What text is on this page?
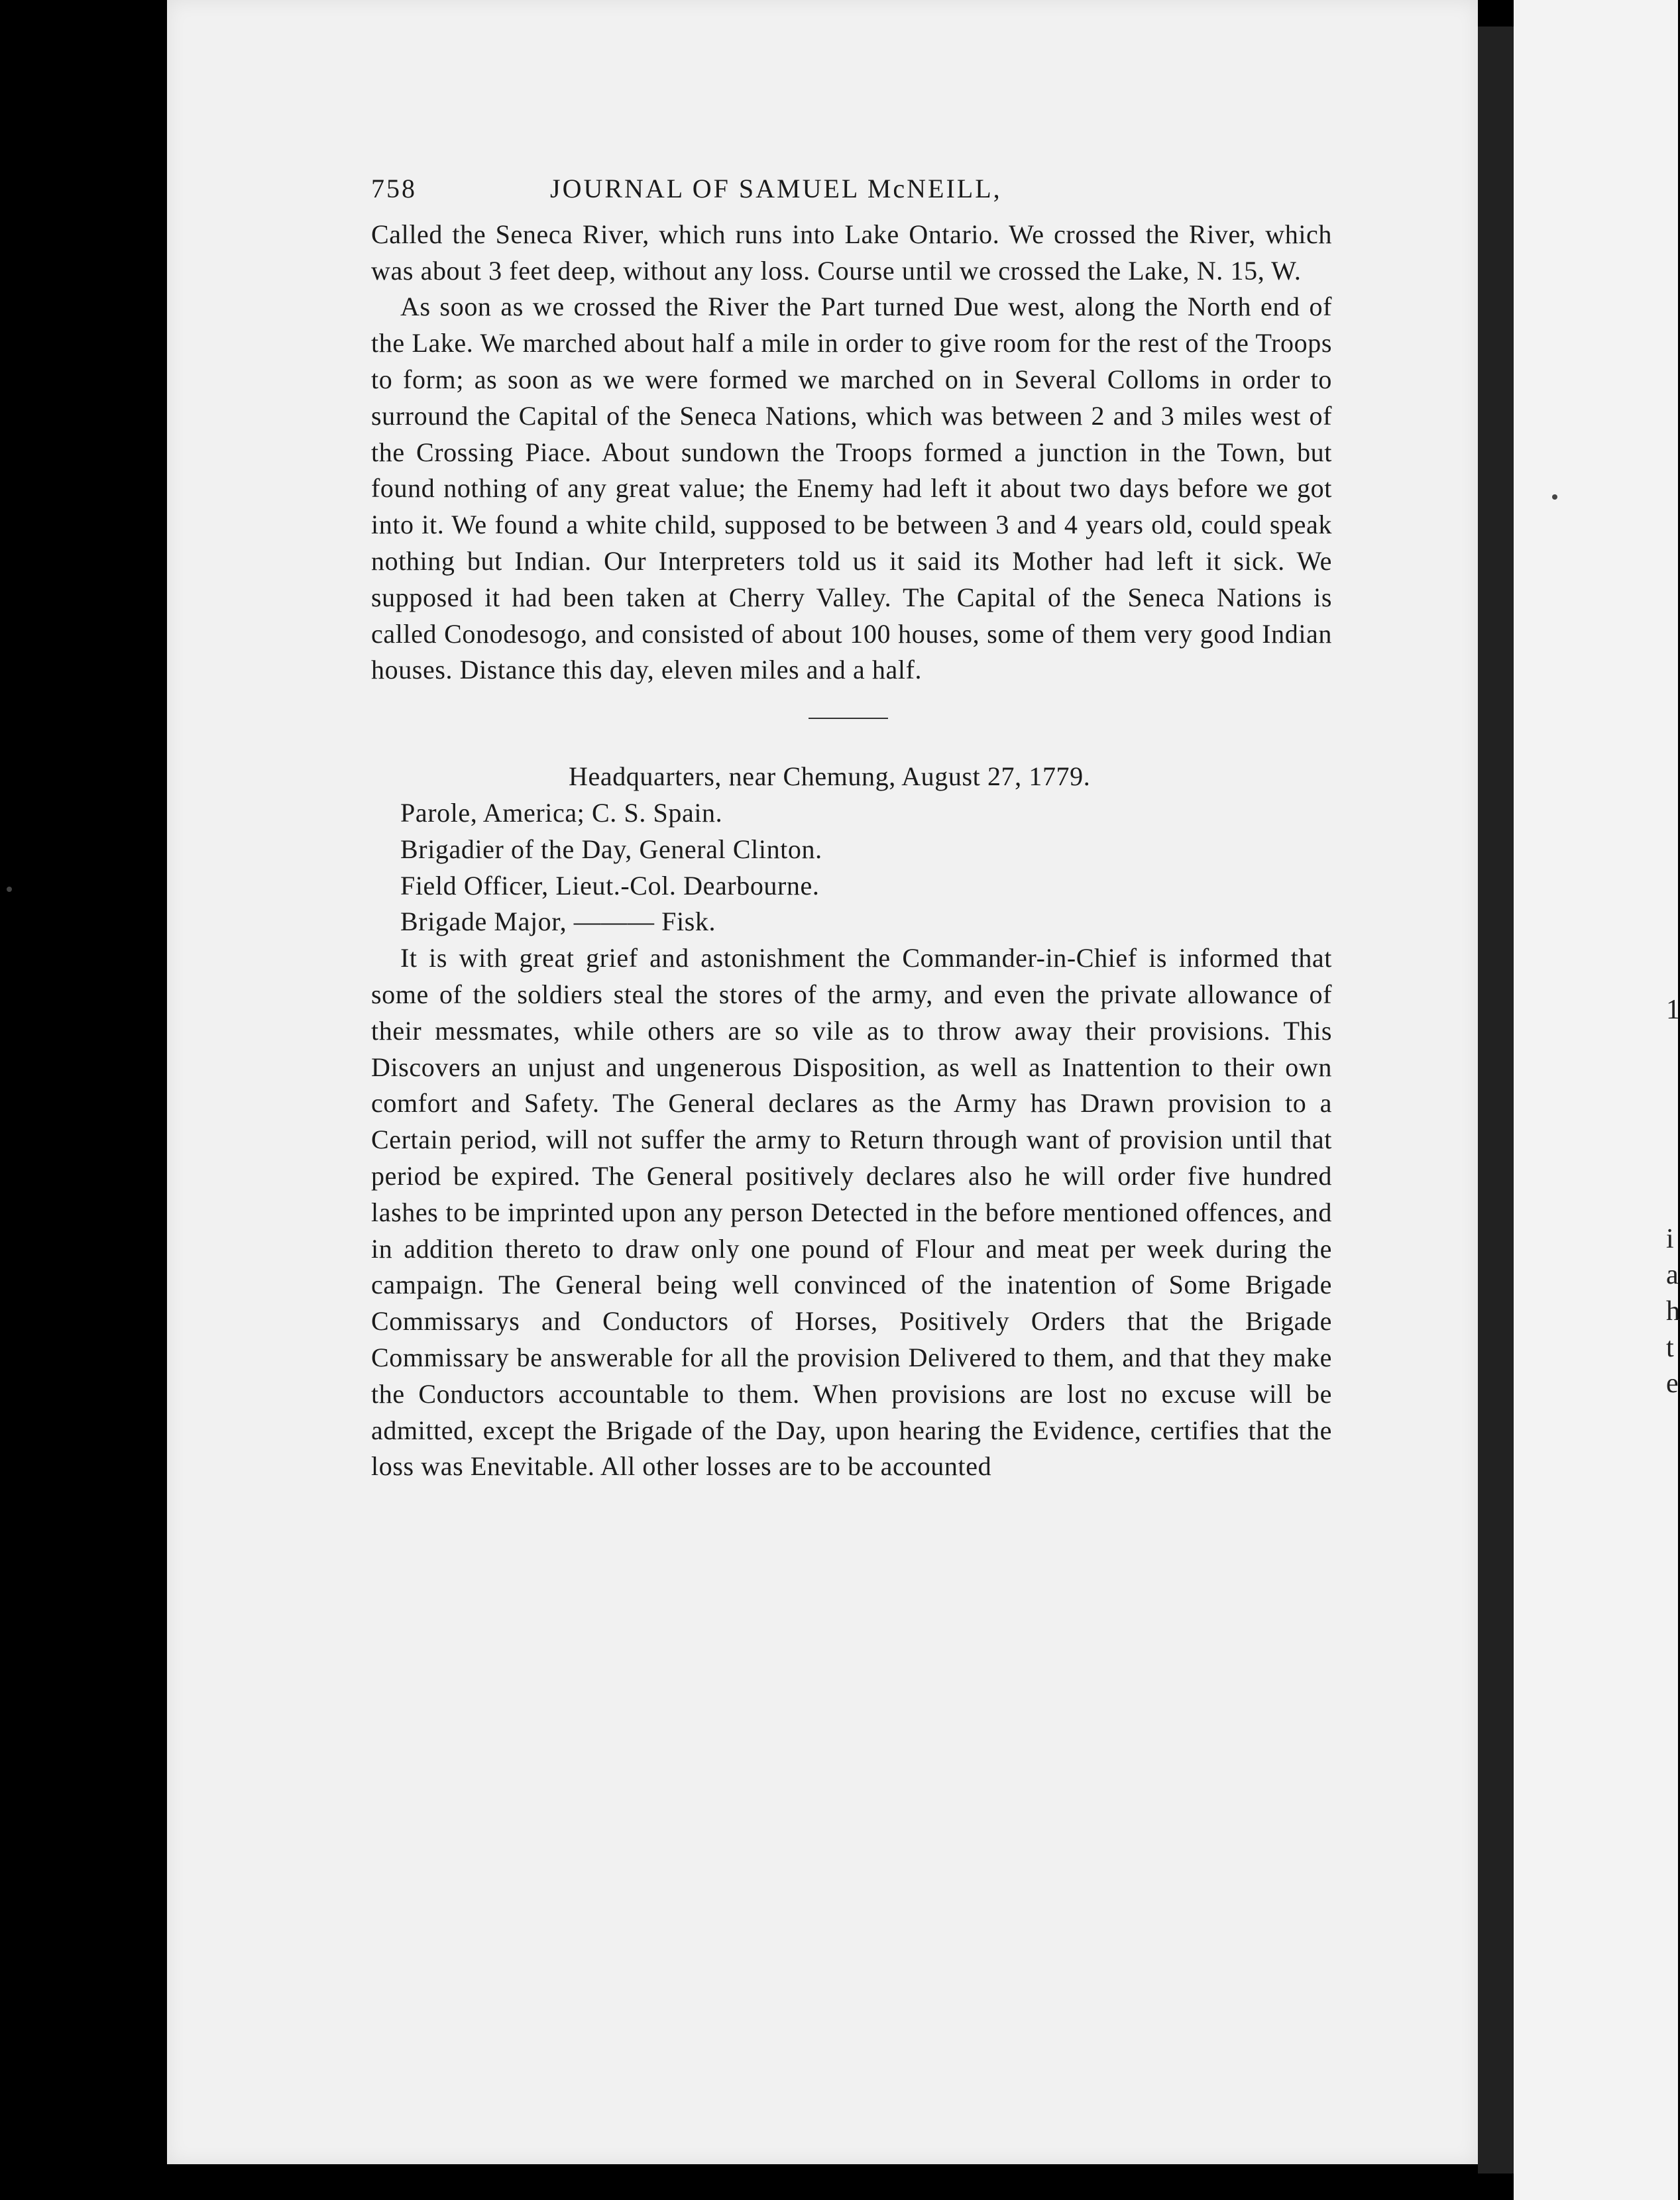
1
i
a
h
t
e
758	JOURNAL OF SAMUEL McNEILL,

Called the Seneca River, which runs into Lake Ontario. We crossed the River, which was about 3 feet deep, without any loss. Course until we crossed the Lake, N. 15, W.

As soon as we crossed the River the Part turned Due west, along the North end of the Lake. We marched about half a mile in order to give room for the rest of the Troops to form; as soon as we were formed we marched on in Several Colloms in order to surround the Capital of the Seneca Nations, which was between 2 and 3 miles west of the Crossing Piace. About sundown the Troops formed a junction in the Town, but found nothing of any great value; the Enemy had left it about two days before we got into it. We found a white child, supposed to be between 3 and 4 years old, could speak nothing but Indian. Our Interpreters told us it said its Mother had left it sick. We supposed it had been taken at Cherry Valley. The Capital of the Seneca Nations is called Conodesogo, and consisted of about 100 houses, some of them very good Indian houses. Distance this day, eleven miles and a half.

Headquarters, near Chemung, August 27, 1779.

Parole, America; C. S. Spain.

Brigadier of the Day, General Clinton.

Field Officer, Lieut.-Col. Dearbourne.

Brigade Major, ——— Fisk.

It is with great grief and astonishment the Commander-in-Chief is informed that some of the soldiers steal the stores of the army, and even the private allowance of their messmates, while others are so vile as to throw away their provisions. This Discovers an unjust and ungenerous Disposition, as well as Inattention to their own comfort and Safety. The General declares as the Army has Drawn provision to a Certain period, will not suffer the army to Return through want of provision until that period be expired. The General positively declares also he will order five hundred lashes to be imprinted upon any person Detected in the before mentioned offences, and in addition thereto to draw only one pound of Flour and meat per week during the campaign. The General being well convinced of the inatention of Some Brigade Commissarys and Conductors of Horses, Positively Orders that the Brigade Commissary be answerable for all the provision Delivered to them, and that they make the Conductors accountable to them. When provisions are lost no excuse will be admitted, except the Brigade of the Day, upon hearing the Evidence, certifies that the loss was Enevitable. All other losses are to be accounted
